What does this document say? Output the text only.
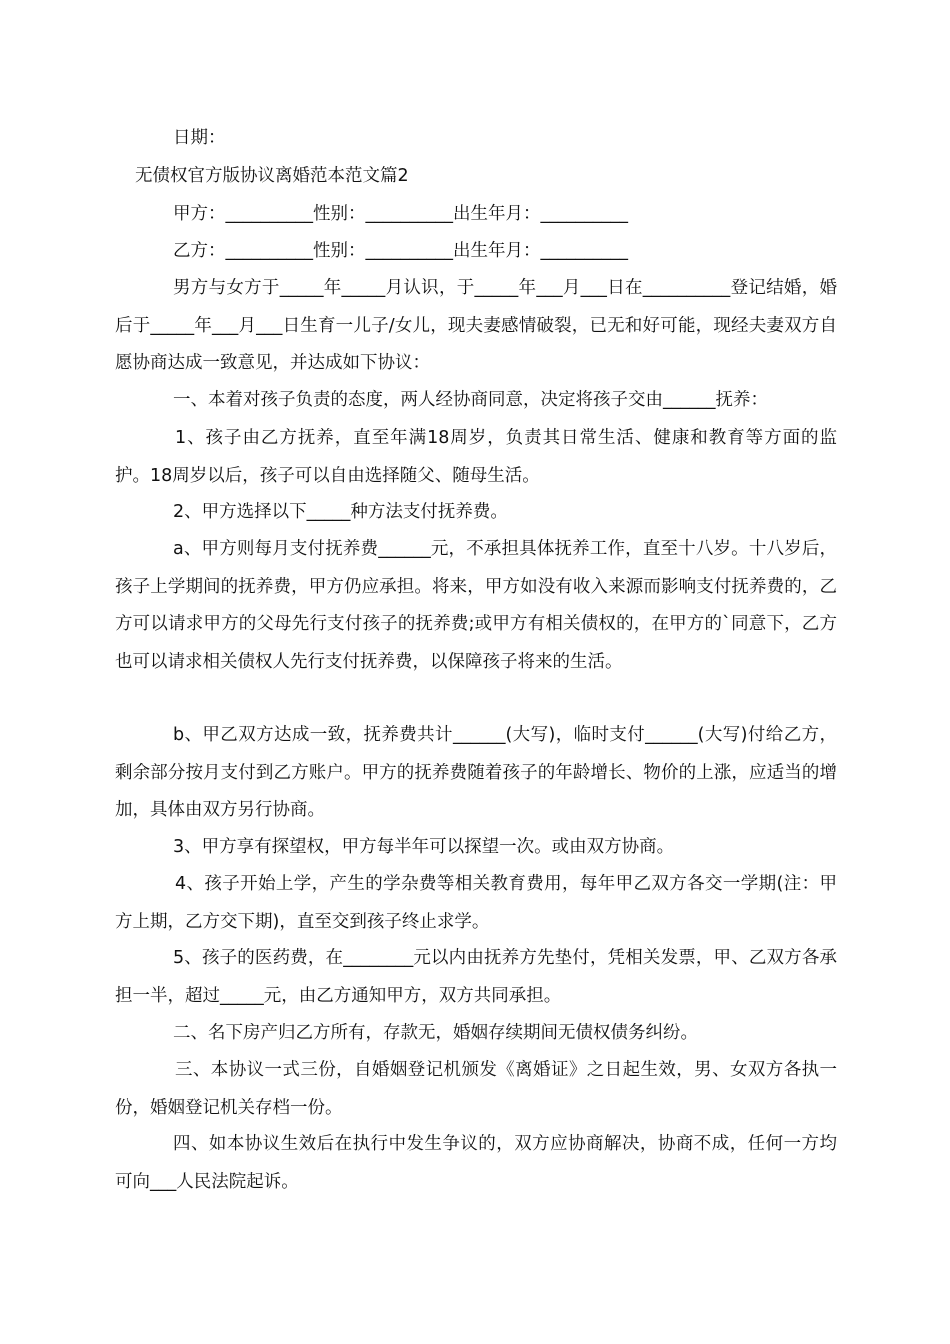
日期：
无债权官方版协议离婚范本范文篇2
甲方：__________性别：__________出生年月：__________
乙方：__________性别：__________出生年月：__________
男方与女方于_____年_____月认识，于_____年___月___日在__________登记结婚，婚后于_____年___月___日生育一儿子/女儿，现夫妻感情破裂，已无和好可能，现经夫妻双方自愿协商达成一致意见，并达成如下协议：
一、本着对孩子负责的态度，两人经协商同意，决定将孩子交由______抚养：
1、孩子由乙方抚养，直至年满18周岁，负责其日常生活、健康和教育等方面的监护。18周岁以后，孩子可以自由选择随父、随母生活。
2、甲方选择以下_____种方法支付抚养费。
a、甲方则每月支付抚养费______元，不承担具体抚养工作，直至十八岁。十八岁后，孩子上学期间的抚养费，甲方仍应承担。将来，甲方如没有收入来源而影响支付抚养费的，乙方可以请求甲方的父母先行支付孩子的抚养费;或甲方有相关债权的，在甲方的`同意下，乙方也可以请求相关债权人先行支付抚养费，以保障孩子将来的生活。
b、甲乙双方达成一致，抚养费共计______(大写)，临时支付______(大写)付给乙方，剩余部分按月支付到乙方账户。甲方的抚养费随着孩子的年龄增长、物价的上涨，应适当的增加，具体由双方另行协商。
3、甲方享有探望权，甲方每半年可以探望一次。或由双方协商。
4、孩子开始上学，产生的学杂费等相关教育费用，每年甲乙双方各交一学期(注：甲方上期，乙方交下期)，直至交到孩子终止求学。
5、孩子的医药费，在________元以内由抚养方先垫付，凭相关发票，甲、乙双方各承担一半，超过_____元，由乙方通知甲方，双方共同承担。
二、名下房产归乙方所有，存款无，婚姻存续期间无债权债务纠纷。
三、本协议一式三份，自婚姻登记机颁发《离婚证》之日起生效，男、女双方各执一份，婚姻登记机关存档一份。
四、如本协议生效后在执行中发生争议的，双方应协商解决，协商不成，任何一方均可向___人民法院起诉。
